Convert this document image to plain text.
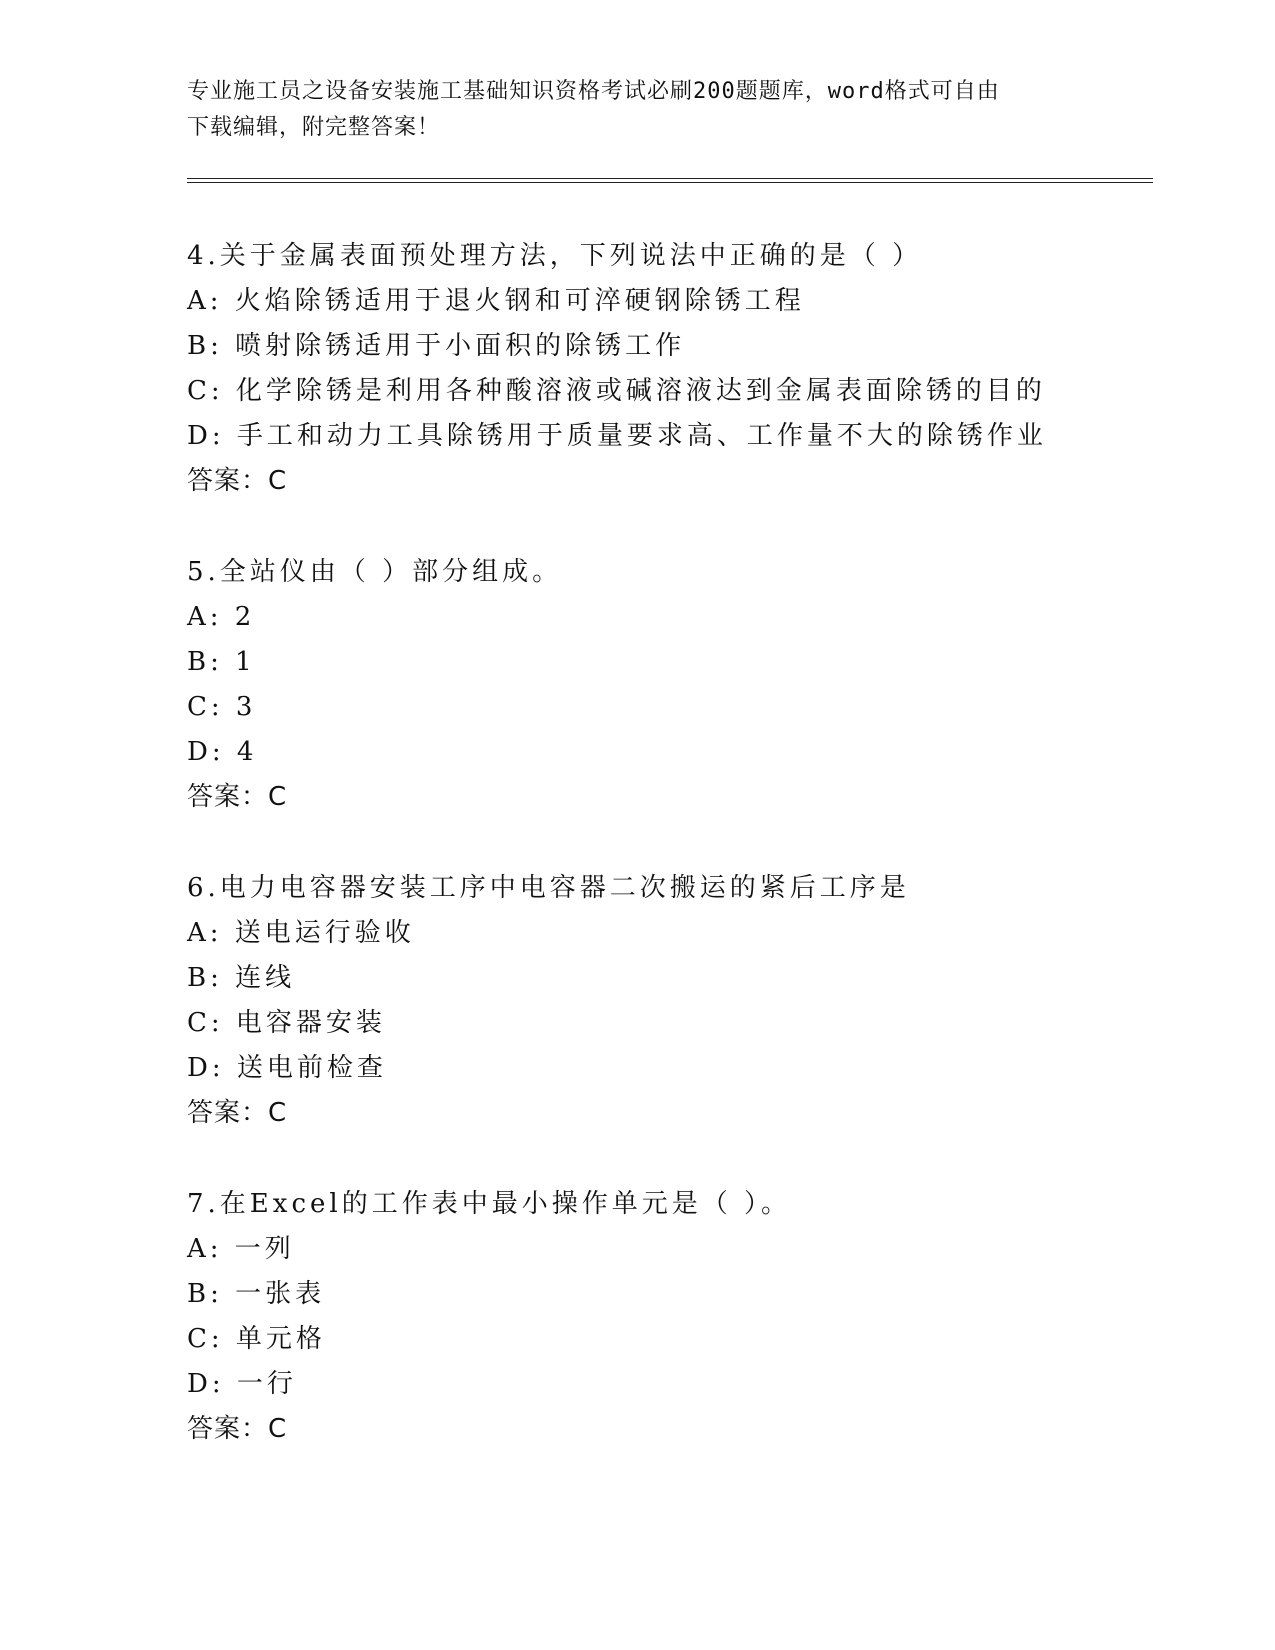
专业施工员之设备安装施工基础知识资格考试必刷200题题库，word格式可自由
下载编辑，附完整答案！
4.关于金属表面预处理方法，下列说法中正确的是（ ）
A: 火焰除锈适用于退火钢和可淬硬钢除锈工程
B: 喷射除锈适用于小面积的除锈工作
C: 化学除锈是利用各种酸溶液或碱溶液达到金属表面除锈的目的
D: 手工和动力工具除锈用于质量要求高、工作量不大的除锈作业
答案：C
5.全站仪由（ ）部分组成。
A: 2
B: 1
C: 3
D: 4
答案：C
6.电力电容器安装工序中电容器二次搬运的紧后工序是
A: 送电运行验收
B: 连线
C: 电容器安装
D: 送电前检查
答案：C
7.在Excel的工作表中最小操作单元是（ ）。
A: 一列
B: 一张表
C: 单元格
D: 一行
答案：C
